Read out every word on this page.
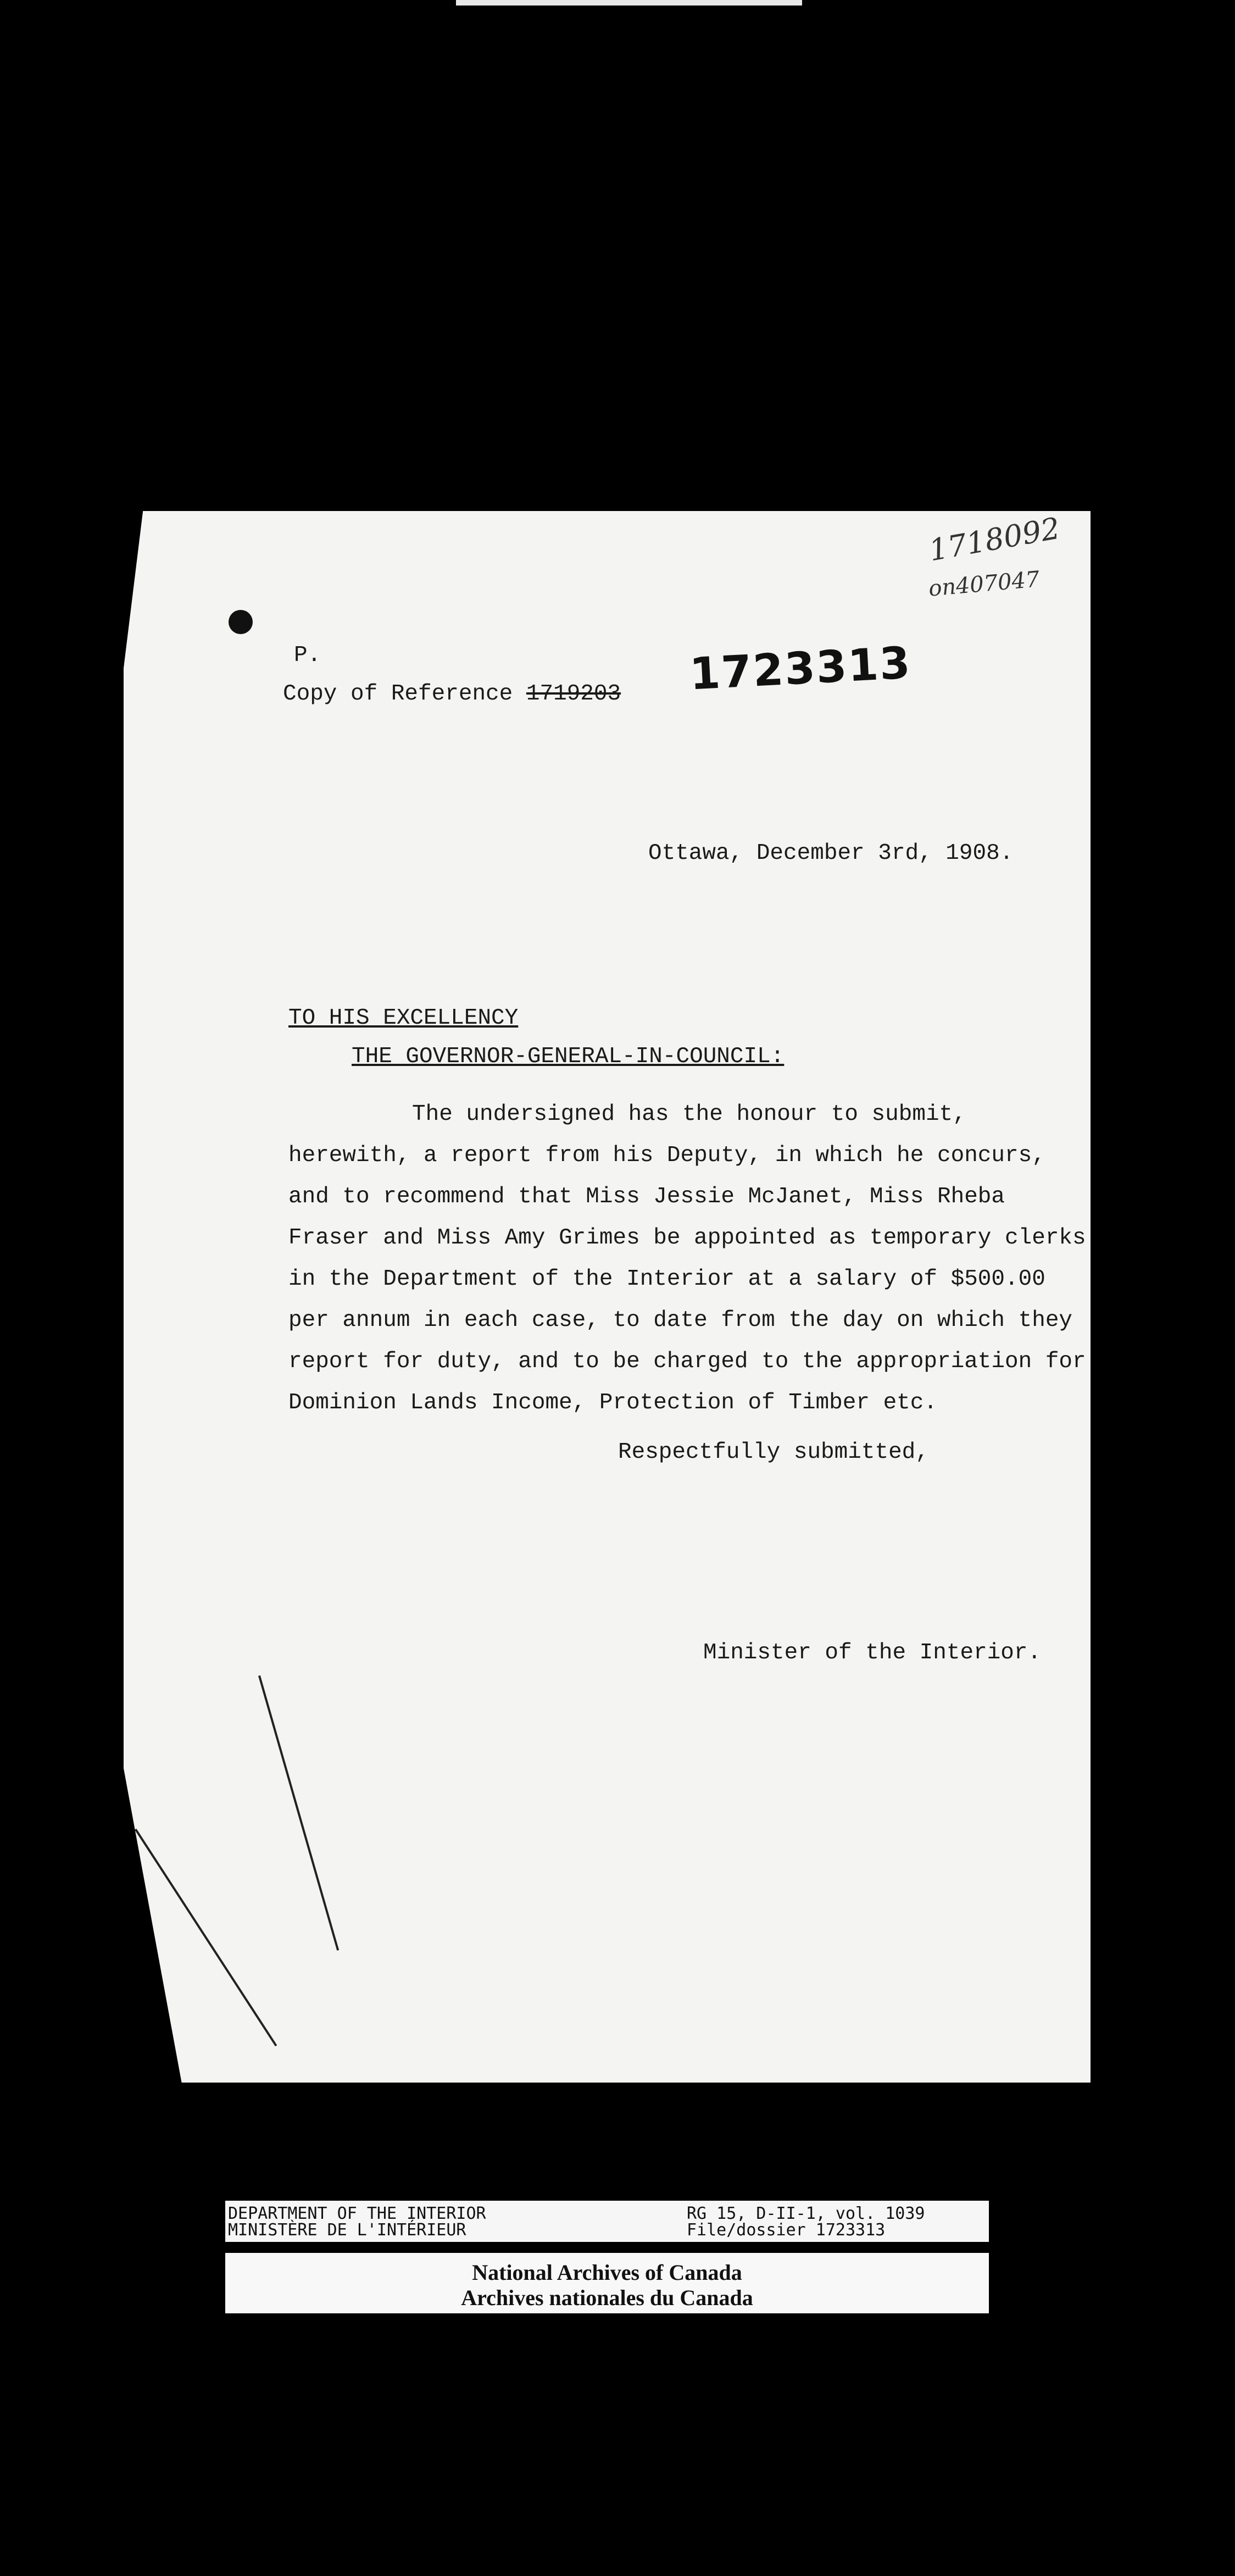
1718092
on407047
P.
Copy of Reference 1719203 1723313
Ottawa, December 3rd, 1908.
TO HIS EXCELLENCY
THE GOVERNOR-GENERAL-IN-COUNCIL:
The undersigned has the honour to submit,
herewith, a report from his Deputy, in which he concurs,
and to recommend that Miss Jessie McJanet, Miss Rheba
Fraser and Miss Amy Grimes be appointed as temporary clerks
in the Department of the Interior at a salary of $500.00
per annum in each case, to date from the day on which they
report for duty, and to be charged to the appropriation for
Dominion Lands Income, Protection of Timber etc.
Respectfully submitted,
Minister of the Interior.
DEPARTMENT OF THE INTERIOR
MINISTÈRE DE L'INTÉRIEUR
RG 15, D-II-1, vol. 1039
File/dossier 1723313
National Archives of Canada
Archives nationales du Canada
